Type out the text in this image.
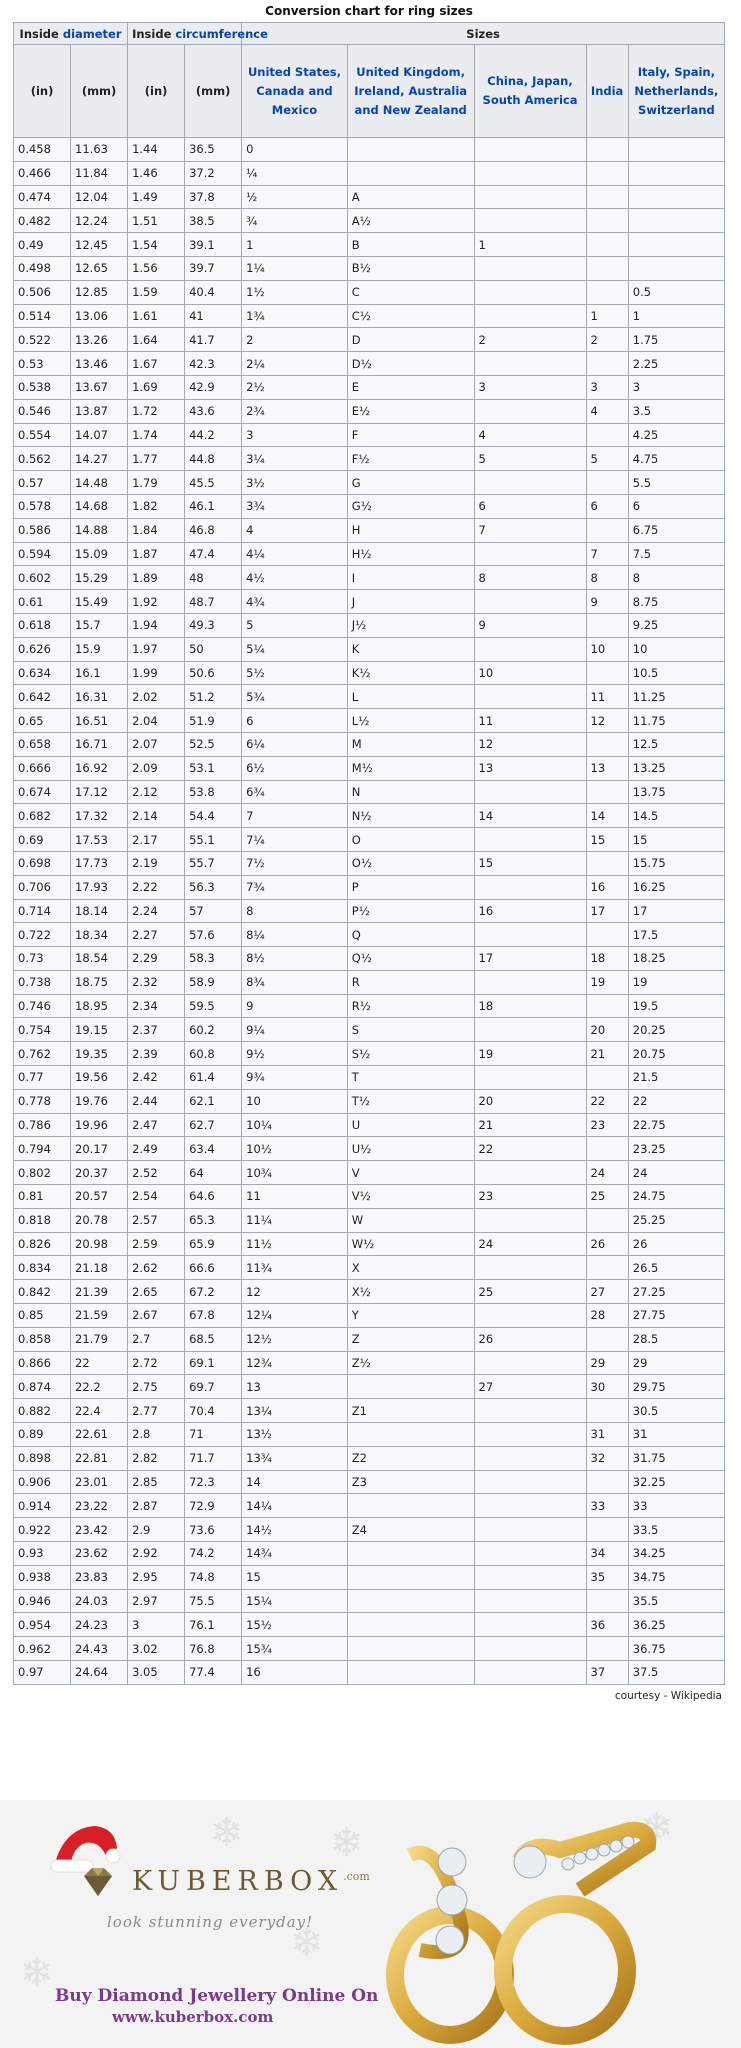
Conversion chart for ring sizes
Inside diameter		Inside circumference		Sizes				
(in)	(mm)	(in)	(mm)	United States, Canada and Mexico	United Kingdom, Ireland, Australia and New Zealand	China, Japan, South America	India	Italy, Spain, Netherlands, Switzerland
0.458	11.63	1.44	36.5	0				
0.466	11.84	1.46	37.2	¼				
0.474	12.04	1.49	37.8	½	A			
0.482	12.24	1.51	38.5	¾	A½			
0.49	12.45	1.54	39.1	1	B	1		
0.498	12.65	1.56	39.7	1¼	B½			
0.506	12.85	1.59	40.4	1½	C			0.5
0.514	13.06	1.61	41	1¾	C½		1	1
0.522	13.26	1.64	41.7	2	D	2	2	1.75
0.53	13.46	1.67	42.3	2¼	D½			2.25
0.538	13.67	1.69	42.9	2½	E	3	3	3
0.546	13.87	1.72	43.6	2¾	E½		4	3.5
0.554	14.07	1.74	44.2	3	F	4		4.25
0.562	14.27	1.77	44.8	3¼	F½	5	5	4.75
0.57	14.48	1.79	45.5	3½	G			5.5
0.578	14.68	1.82	46.1	3¾	G½	6	6	6
0.586	14.88	1.84	46.8	4	H	7		6.75
0.594	15.09	1.87	47.4	4¼	H½		7	7.5
0.602	15.29	1.89	48	4½	I	8	8	8
0.61	15.49	1.92	48.7	4¾	J		9	8.75
0.618	15.7	1.94	49.3	5	J½	9		9.25
0.626	15.9	1.97	50	5¼	K		10	10
0.634	16.1	1.99	50.6	5½	K½	10		10.5
0.642	16.31	2.02	51.2	5¾	L		11	11.25
0.65	16.51	2.04	51.9	6	L½	11	12	11.75
0.658	16.71	2.07	52.5	6¼	M	12		12.5
0.666	16.92	2.09	53.1	6½	M½	13	13	13.25
0.674	17.12	2.12	53.8	6¾	N			13.75
0.682	17.32	2.14	54.4	7	N½	14	14	14.5
0.69	17.53	2.17	55.1	7¼	O		15	15
0.698	17.73	2.19	55.7	7½	O½	15		15.75
0.706	17.93	2.22	56.3	7¾	P		16	16.25
0.714	18.14	2.24	57	8	P½	16	17	17
0.722	18.34	2.27	57.6	8¼	Q			17.5
0.73	18.54	2.29	58.3	8½	Q½	17	18	18.25
0.738	18.75	2.32	58.9	8¾	R		19	19
0.746	18.95	2.34	59.5	9	R½	18		19.5
0.754	19.15	2.37	60.2	9¼	S		20	20.25
0.762	19.35	2.39	60.8	9½	S½	19	21	20.75
0.77	19.56	2.42	61.4	9¾	T			21.5
0.778	19.76	2.44	62.1	10	T½	20	22	22
0.786	19.96	2.47	62.7	10¼	U	21	23	22.75
0.794	20.17	2.49	63.4	10½	U½	22		23.25
0.802	20.37	2.52	64	10¾	V		24	24
0.81	20.57	2.54	64.6	11	V½	23	25	24.75
0.818	20.78	2.57	65.3	11¼	W			25.25
0.826	20.98	2.59	65.9	11½	W½	24	26	26
0.834	21.18	2.62	66.6	11¾	X			26.5
0.842	21.39	2.65	67.2	12	X½	25	27	27.25
0.85	21.59	2.67	67.8	12¼	Y		28	27.75
0.858	21.79	2.7	68.5	12½	Z	26		28.5
0.866	22	2.72	69.1	12¾	Z½		29	29
0.874	22.2	2.75	69.7	13		27	30	29.75
0.882	22.4	2.77	70.4	13¼	Z1			30.5
0.89	22.61	2.8	71	13½			31	31
0.898	22.81	2.82	71.7	13¾	Z2		32	31.75
0.906	23.01	2.85	72.3	14	Z3			32.25
0.914	23.22	2.87	72.9	14¼			33	33
0.922	23.42	2.9	73.6	14½	Z4			33.5
0.93	23.62	2.92	74.2	14¾			34	34.25
0.938	23.83	2.95	74.8	15			35	34.75
0.946	24.03	2.97	75.5	15¼				35.5
0.954	24.23	3	76.1	15½			36	36.25
0.962	24.43	3.02	76.8	15¾				36.75
0.97	24.64	3.05	77.4	16			37	37.5
courtesy - Wikipedia
❄
❄
❄
❄
❄
$KUBERBOX^{.com}$
look stunning everyday!
Buy Diamond Jewellery Online On
www.kuberbox.com
